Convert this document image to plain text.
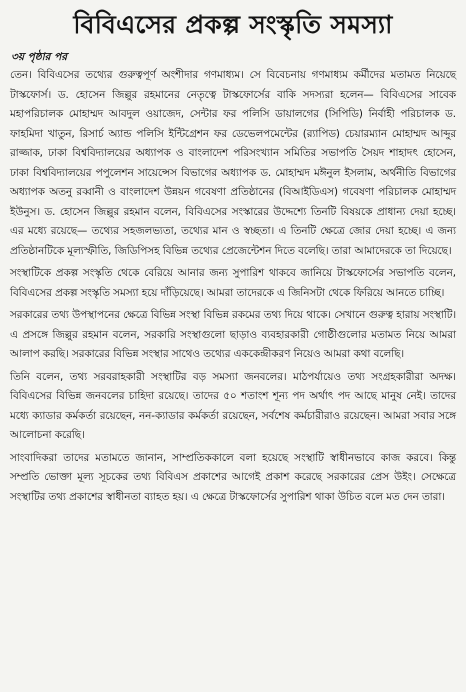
বিবিএসের প্রকল্প সংস্কৃতি সমস্যা
৩য় পৃষ্ঠার পর

তেন। বিবিএসের তথ্যের গুরুত্বপূর্ণ অংশীদার গণমাধ্যম। সে বিবেচনায় গণমাধ্যম কর্মীদের মতামত নিয়েছে টাস্কফোর্স। ড. হোসেন জিল্লুর রহমানের নেতৃত্বে টাস্কফোর্সের বাকি সদস্যরা হলেন— বিবিএসের সাবেক মহাপরিচালক মোহাম্মদ আবদুল ওয়াজেদ, সেন্টার ফর পলিসি ডায়ালগের (সিপিডি) নির্বাহী পরিচালক ড. ফাহমিদা খাতুন, রিসার্চ অ্যান্ড পলিসি ইন্টিগ্রেশন ফর ডেভেলপমেন্টের (র‍্যাপিড) চেয়ারম্যান মোহাম্মদ আব্দুর রাজ্জাক, ঢাকা বিশ্ববিদ্যালয়ের অধ্যাপক ও বাংলাদেশ পরিসংখ্যান সমিতির সভাপতি সৈয়দ শাহাদৎ হোসেন, ঢাকা বিশ্ববিদ্যালয়ের পপুলেশন সায়েন্সেস বিভাগের অধ্যাপক ড. মোহাম্মদ মঈনুল ইসলাম, অর্থনীতি বিভাগের অধ্যাপক অতনু রব্বানী ও বাংলাদেশ উন্নয়ন গবেষণা প্রতিষ্ঠানের (বিআইডিএস) গবেষণা পরিচালক মোহাম্মদ ইউনুস। ড. হোসেন জিল্লুর রহমান বলেন, বিবিএসের সংস্কারের উদ্দেশ্যে তিনটি বিষয়কে প্রাধান্য দেয়া হচ্ছে। এর মধ্যে রয়েছে— তথ্যের সহজলভ্যতা, তথ্যের মান ও স্বচ্ছতা। এ তিনটি ক্ষেত্রে জোর দেয়া হচ্ছে। এ জন্য প্রতিষ্ঠানটিকে মূল্যস্ফীতি, জিডিপিসহ বিভিন্ন তথ্যের প্রেজেন্টেশন দিতে বলেছি। তারা আমাদেরকে তা দিয়েছে।

সংস্থাটিকে প্রকল্প সংস্কৃতি থেকে বেরিয়ে আনার জন্য সুপারিশ থাকবে জানিয়ে টাস্কফোর্সের সভাপতি বলেন, বিবিএসের প্রকল্প সংস্কৃতি সমস্যা হয়ে দাঁড়িয়েছে। আমরা তাদেরকে এ জিনিসটা থেকে ফিরিয়ে আনতে চাচ্ছি।

সরকারের তথ্য উপস্থাপনের ক্ষেত্রে বিভিন্ন সংস্থা বিভিন্ন রকমের তথ্য দিয়ে থাকে। সেখানে গুরুত্ব হারায় সংস্থাটি। এ প্রসঙ্গে জিল্লুর রহমান বলেন, সরকারি সংস্থাগুলো ছাড়াও ব্যবহারকারী গোষ্ঠীগুলোর মতামত নিয়ে আমরা আলাপ করছি। সরকারের বিভিন্ন সংস্থার সাথেও তথ্যের এককেন্দ্রীকরণ নিয়েও আমরা কথা বলেছি।

তিনি বলেন, তথ্য সরবরাহকারী সংস্থাটির বড় সমস্যা জনবলের। মাঠপর্যায়েও তথ্য সংগ্রহকারীরা অদক্ষ। বিবিএসের বিভিন্ন জনবলের চাহিদা রয়েছে। তাদের ৫০ শতাংশ শূন্য পদ অর্থাৎ পদ আছে মানুষ নেই। তাদের মধ্যে ক্যাডার কর্মকর্তা রয়েছেন, নন-ক্যাডার কর্মকর্তা রয়েছেন, সর্বশেষ কর্মচারীরাও রয়েছেন। আমরা সবার সঙ্গে আলোচনা করেছি।

সাংবাদিকরা তাদের মতামতে জানান, সাম্প্রতিককালে বলা হয়েছে সংস্থাটি স্বাধীনভাবে কাজ করবে। কিন্তু সম্প্রতি ভোক্তা মূল্য সূচকের তথ্য বিবিএস প্রকাশের আগেই প্রকাশ করেছে সরকারের প্রেস উইং। সেক্ষেত্রে সংস্থাটির তথ্য প্রকাশের স্বাধীনতা ব্যাহত হয়। এ ক্ষেত্রে টাস্কফোর্সের সুপারিশ থাকা উচিত বলে মত দেন তারা।
